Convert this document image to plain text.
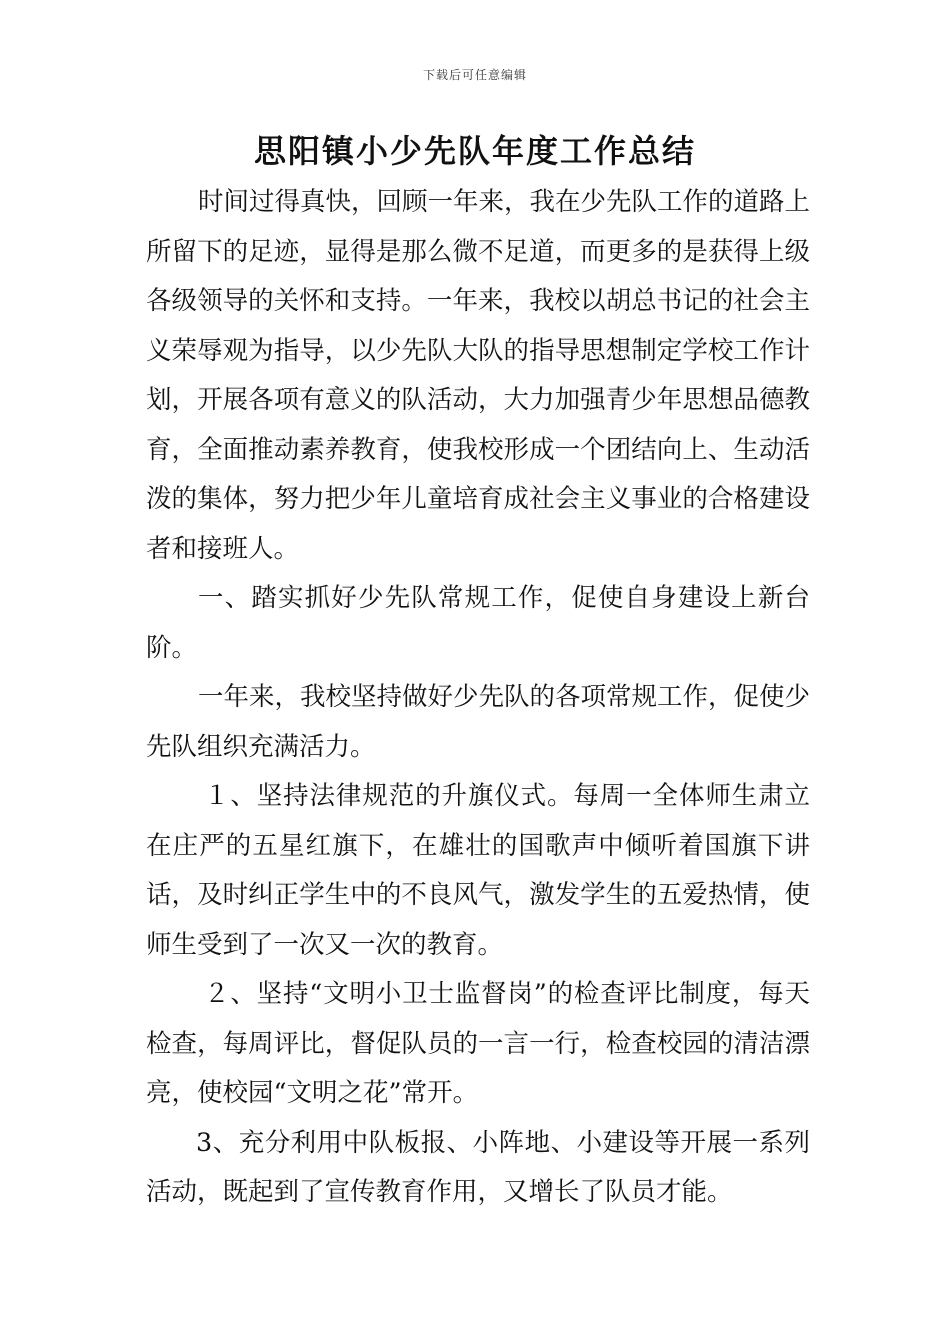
下载后可任意编辑
思阳镇小少先队年度工作总结

时间过得真快，回顾一年来，我在少先队工作的道路上所留下的足迹，显得是那么微不足道，而更多的是获得上级各级领导的关怀和支持。一年来，我校以胡总书记的社会主义荣辱观为指导，以少先队大队的指导思想制定学校工作计划，开展各项有意义的队活动，大力加强青少年思想品德教育，全面推动素养教育，使我校形成一个团结向上、生动活泼的集体，努力把少年儿童培育成社会主义事业的合格建设者和接班人。

一、踏实抓好少先队常规工作，促使自身建设上新台阶。

一年来，我校坚持做好少先队的各项常规工作，促使少先队组织充满活力。

１、坚持法律规范的升旗仪式。每周一全体师生肃立在庄严的五星红旗下，在雄壮的国歌声中倾听着国旗下讲话，及时纠正学生中的不良风气，激发学生的五爱热情，使师生受到了一次又一次的教育。

２、坚持“文明小卫士监督岗”的检查评比制度，每天检查，每周评比，督促队员的一言一行，检查校园的清洁漂亮，使校园“文明之花”常开。

3、充分利用中队板报、小阵地、小建设等开展一系列活动，既起到了宣传教育作用，又增长了队员才能。
